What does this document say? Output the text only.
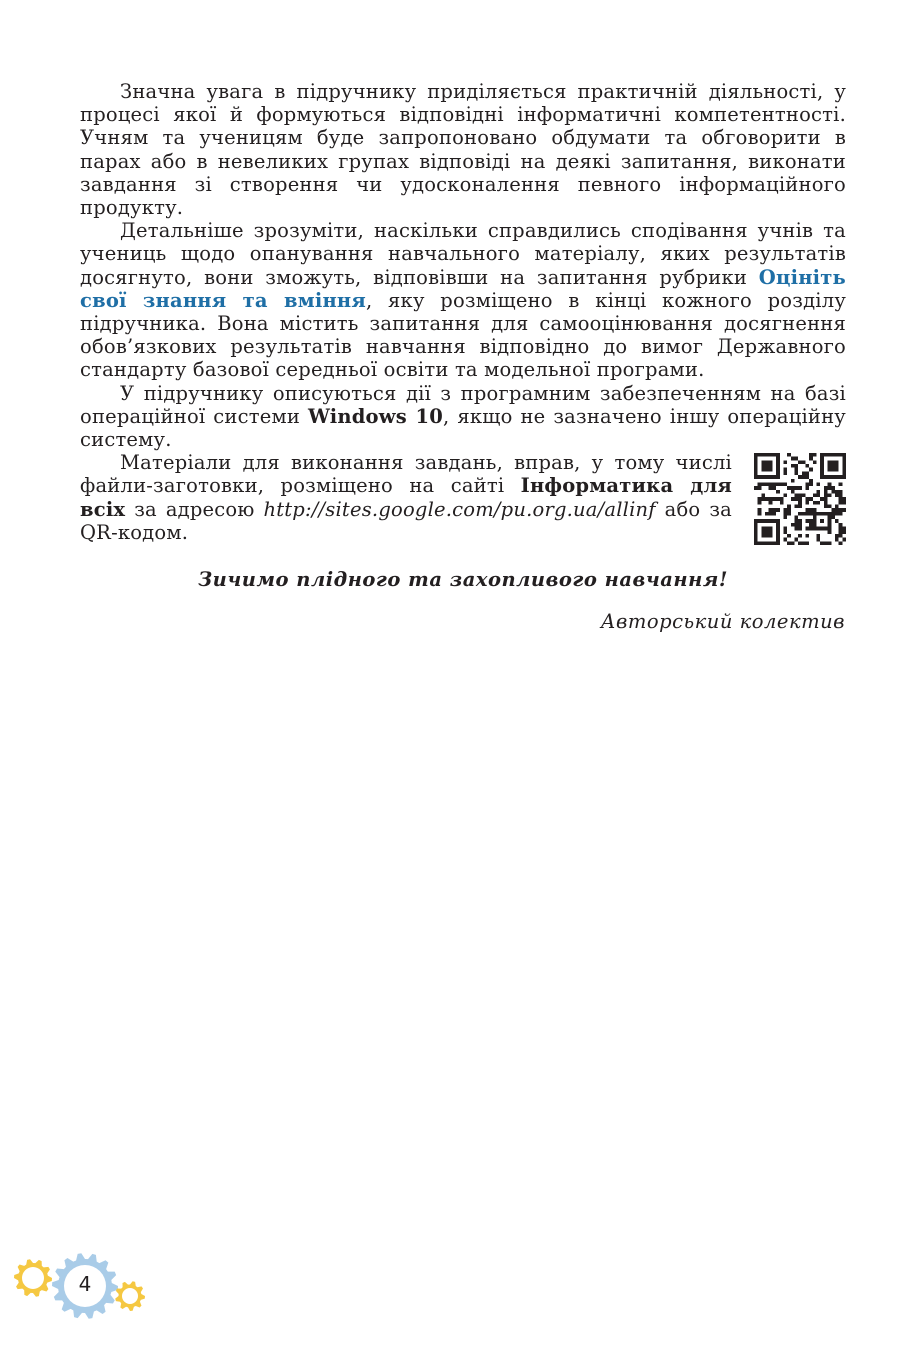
Значна увага в підручнику приділяється практичній діяльності, у процесі якої й формуються відповідні інформатичні компетентності. Учням та ученицям буде запропоновано обдумати та обговорити в парах або в невеликих групах відповіді на деякі запитання, виконати завдання зі створення чи удосконалення певного інформаційного продукту.

Детальніше зрозуміти, наскільки справдились сподівання учнів та учениць щодо опанування навчального матеріалу, яких результатів досягнуто, вони зможуть, відповівши на запитання рубрики Оцініть свої знання та вміння, яку розміщено в кінці кожного розділу підручника. Вона містить запитання для самооцінювання досягнення обов’язкових результатів навчання відповідно до вимог Державного стандарту базової середньої освіти та модельної програми.

У підручнику описуються дії з програмним забезпеченням на базі операційної системи Windows 10, якщо не зазначено іншу операційну систему.

Матеріали для виконання завдань, вправ, у тому числі файли-заготовки, розміщено на сайті Інформатика для всіх за адресою http://sites.google.com/pu.org.ua/allinf або за QR-кодом.

Зичимо плідного та захопливого навчання!
Авторський колектив
4
